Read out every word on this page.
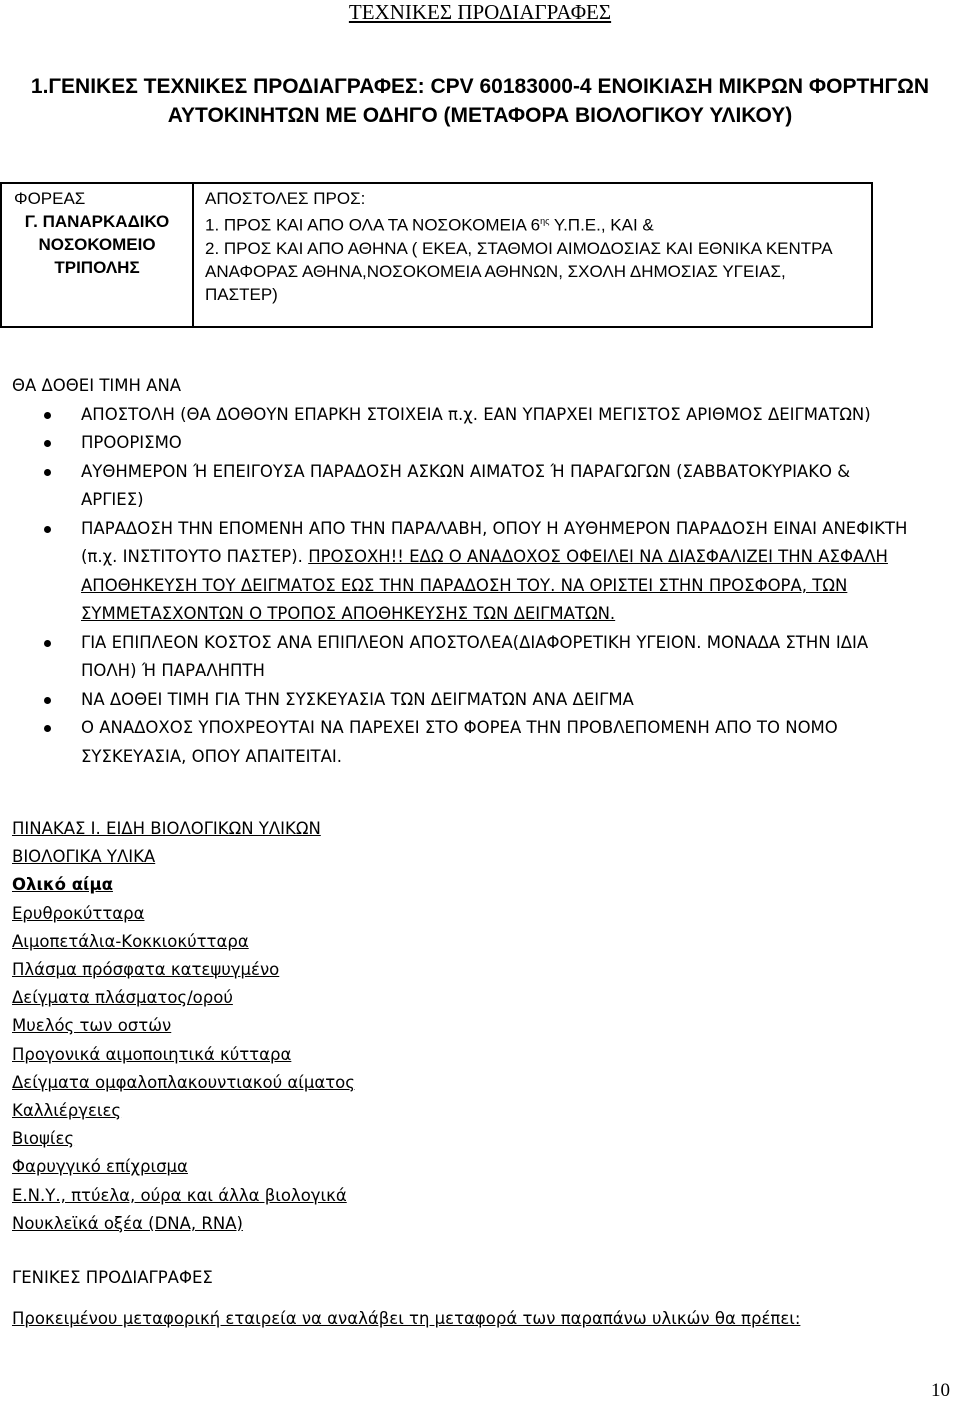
ΤΕΧΝΙΚΕΣ ΠΡΟΔΙΑΓΡΑΦΕΣ
1.ΓΕΝΙΚΕΣ ΤΕΧΝΙΚΕΣ ΠΡΟΔΙΑΓΡΑΦΕΣ: CPV 60183000-4 ΕΝΟΙΚΙΑΣΗ ΜΙΚΡΩΝ ΦΟΡΤΗΓΩΝ ΑΥΤΟΚΙΝΗΤΩΝ ΜΕ ΟΔΗΓΟ (ΜΕΤΑΦΟΡΑ ΒΙΟΛΟΓΙΚΟΥ ΥΛΙΚΟΥ)
ΦΟΡΕΑΣ
Γ. ΠΑΝΑΡΚΑΔΙΚΟ
ΝΟΣΟΚΟΜΕΙΟ
ΤΡΙΠΟΛΗΣ
ΑΠΟΣΤΟΛΕΣ ΠΡΟΣ:
1. ΠΡΟΣ ΚΑΙ ΑΠΟ ΟΛΑ ΤΑ ΝΟΣΟΚΟΜΕΙΑ $6^{\eta\varsigma}$ Υ.Π.Ε., ΚΑΙ &
2. ΠΡΟΣ ΚΑΙ ΑΠΟ ΑΘΗΝΑ ( ΕΚΕΑ, ΣΤΑΘΜΟΙ ΑΙΜΟΔΟΣΙΑΣ ΚΑΙ ΕΘΝΙΚΑ ΚΕΝΤΡΑ ΑΝΑΦΟΡΑΣ ΑΘΗΝΑ,ΝΟΣΟΚΟΜΕΙΑ ΑΘΗΝΩΝ, ΣΧΟΛΗ ΔΗΜΟΣΙΑΣ ΥΓΕΙΑΣ, ΠΑΣΤΕΡ)
ΘΑ ΔΟΘΕΙ ΤΙΜΗ ΑΝΑ
ΑΠΟΣΤΟΛΗ (ΘΑ ΔΟΘΟΥΝ ΕΠΑΡΚΗ ΣΤΟΙΧΕΙΑ π.χ. ΕΑΝ ΥΠΑΡΧΕΙ ΜΕΓΙΣΤΟΣ ΑΡΙΘΜΟΣ ΔΕΙΓΜΑΤΩΝ)
ΠΡΟΟΡΙΣΜΟ
ΑΥΘΗΜΕΡΟΝ Ή ΕΠΕΙΓΟΥΣΑ ΠΑΡΑΔΟΣΗ ΑΣΚΩΝ ΑΙΜΑΤΟΣ Ή ΠΑΡΑΓΩΓΩΝ (ΣΑΒΒΑΤΟΚΥΡΙΑΚΟ & ΑΡΓΙΕΣ)
ΠΑΡΑΔΟΣΗ ΤΗΝ ΕΠΟΜΕΝΗ ΑΠΟ ΤΗΝ ΠΑΡΑΛΑΒΗ, ΟΠΟΥ Η ΑΥΘΗΜΕΡΟΝ ΠΑΡΑΔΟΣΗ ΕΙΝΑΙ ΑΝΕΦΙΚΤΗ (π.χ. ΙΝΣΤΙΤΟΥΤΟ ΠΑΣΤΕΡ). ΠΡΟΣΟΧΗ!! ΕΔΩ Ο ΑΝΑΔΟΧΟΣ ΟΦΕΙΛΕΙ ΝΑ ΔΙΑΣΦΑΛΙΖΕΙ ΤΗΝ ΑΣΦΑΛΗ ΑΠΟΘΗΚΕΥΣΗ ΤΟΥ ΔΕΙΓΜΑΤΟΣ ΕΩΣ ΤΗΝ ΠΑΡΑΔΟΣΗ ΤΟΥ. ΝΑ ΟΡΙΣΤΕΙ ΣΤΗΝ ΠΡΟΣΦΟΡΑ, ΤΩΝ ΣΥΜΜΕΤΑΣΧΟΝΤΩΝ Ο ΤΡΟΠΟΣ ΑΠΟΘΗΚΕΥΣΗΣ ΤΩΝ ΔΕΙΓΜΑΤΩΝ.
ΓΙΑ ΕΠΙΠΛΕΟΝ ΚΟΣΤΟΣ ΑΝΑ ΕΠΙΠΛΕΟΝ ΑΠΟΣΤΟΛΕΑ(ΔΙΑΦΟΡΕΤΙΚΗ ΥΓΕΙΟΝ. ΜΟΝΑΔΑ ΣΤΗΝ ΙΔΙΑ ΠΟΛΗ) Ή ΠΑΡΑΛΗΠΤΗ
ΝΑ ΔΟΘΕΙ ΤΙΜΗ ΓΙΑ ΤΗΝ ΣΥΣΚΕΥΑΣΙΑ ΤΩΝ ΔΕΙΓΜΑΤΩΝ ΑΝΑ ΔΕΙΓΜΑ
Ο ΑΝΑΔΟΧΟΣ ΥΠΟΧΡΕΟΥΤΑΙ ΝΑ ΠΑΡΕΧΕΙ ΣΤΟ ΦΟΡΕΑ ΤΗΝ ΠΡΟΒΛΕΠΟΜΕΝΗ ΑΠΟ ΤΟ ΝΟΜΟ ΣΥΣΚΕΥΑΣΙΑ, ΟΠΟΥ ΑΠΑΙΤΕΙΤΑΙ.
ΠΙΝΑΚΑΣ Ι. ΕΙΔΗ ΒΙΟΛΟΓΙΚΩΝ ΥΛΙΚΩΝ
ΒΙΟΛΟΓΙΚΑ ΥΛΙΚΑ
Ολικό αίμα
Ερυθροκύτταρα
Αιμοπετάλια-Κοκκιοκύτταρα
Πλάσμα πρόσφατα κατεψυγμένο
Δείγματα πλάσματος/ορού
Μυελός των οστών
Προγονικά αιμοποιητικά κύτταρα
Δείγματα ομφαλοπλακουντιακού αίματος
Καλλιέργειες
Βιοψίες
Φαρυγγικό επίχρισμα
Ε.Ν.Υ., πτύελα, ούρα και άλλα βιολογικά
Νουκλεϊκά οξέα (DNA, RNA)
ΓΕΝΙΚΕΣ ΠΡΟΔΙΑΓΡΑΦΕΣ
Προκειμένου μεταφορική εταιρεία να αναλάβει τη μεταφορά των παραπάνω υλικών θα πρέπει:
10
